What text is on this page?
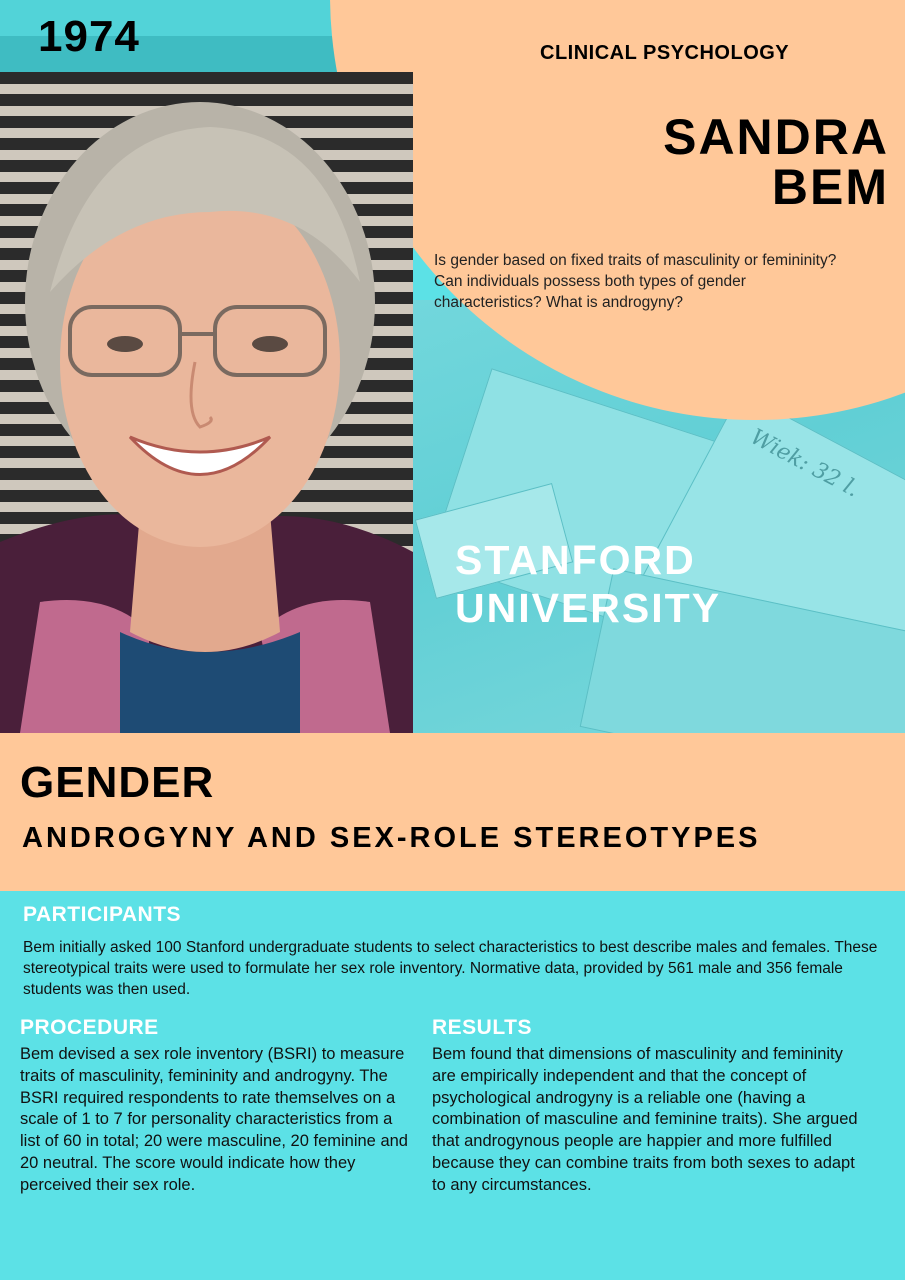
Wiek: 32 l.
1974	CLINICAL PSYCHOLOGY
SANDRA
BEM

Is gender based on fixed traits of masculinity or femininity? Can individuals possess both types of gender characteristics? What is androgyny?

STANFORD
UNIVERSITY
GENDER
ANDROGYNY AND SEX-ROLE STEREOTYPES
PARTICIPANTS

Bem initially asked 100 Stanford undergraduate students to select characteristics to best describe males and females. These stereotypical traits were used to formulate her sex role inventory. Normative data, provided by 561 male and 356 female students was then used.

PROCEDURE

Bem devised a sex role inventory (BSRI) to measure traits of masculinity, femininity and androgyny. The BSRI required respondents to rate themselves on a scale of 1 to 7 for personality characteristics from a list of 60 in total; 20 were masculine, 20 feminine and 20 neutral. The score would indicate how they perceived their sex role.

RESULTS

Bem found that dimensions of masculinity and femininity are empirically independent and that the concept of psychological androgyny is a reliable one (having a combination of masculine and feminine traits). She argued that androgynous people are happier and more fulfilled because they can combine traits from both sexes to adapt to any circumstances.
